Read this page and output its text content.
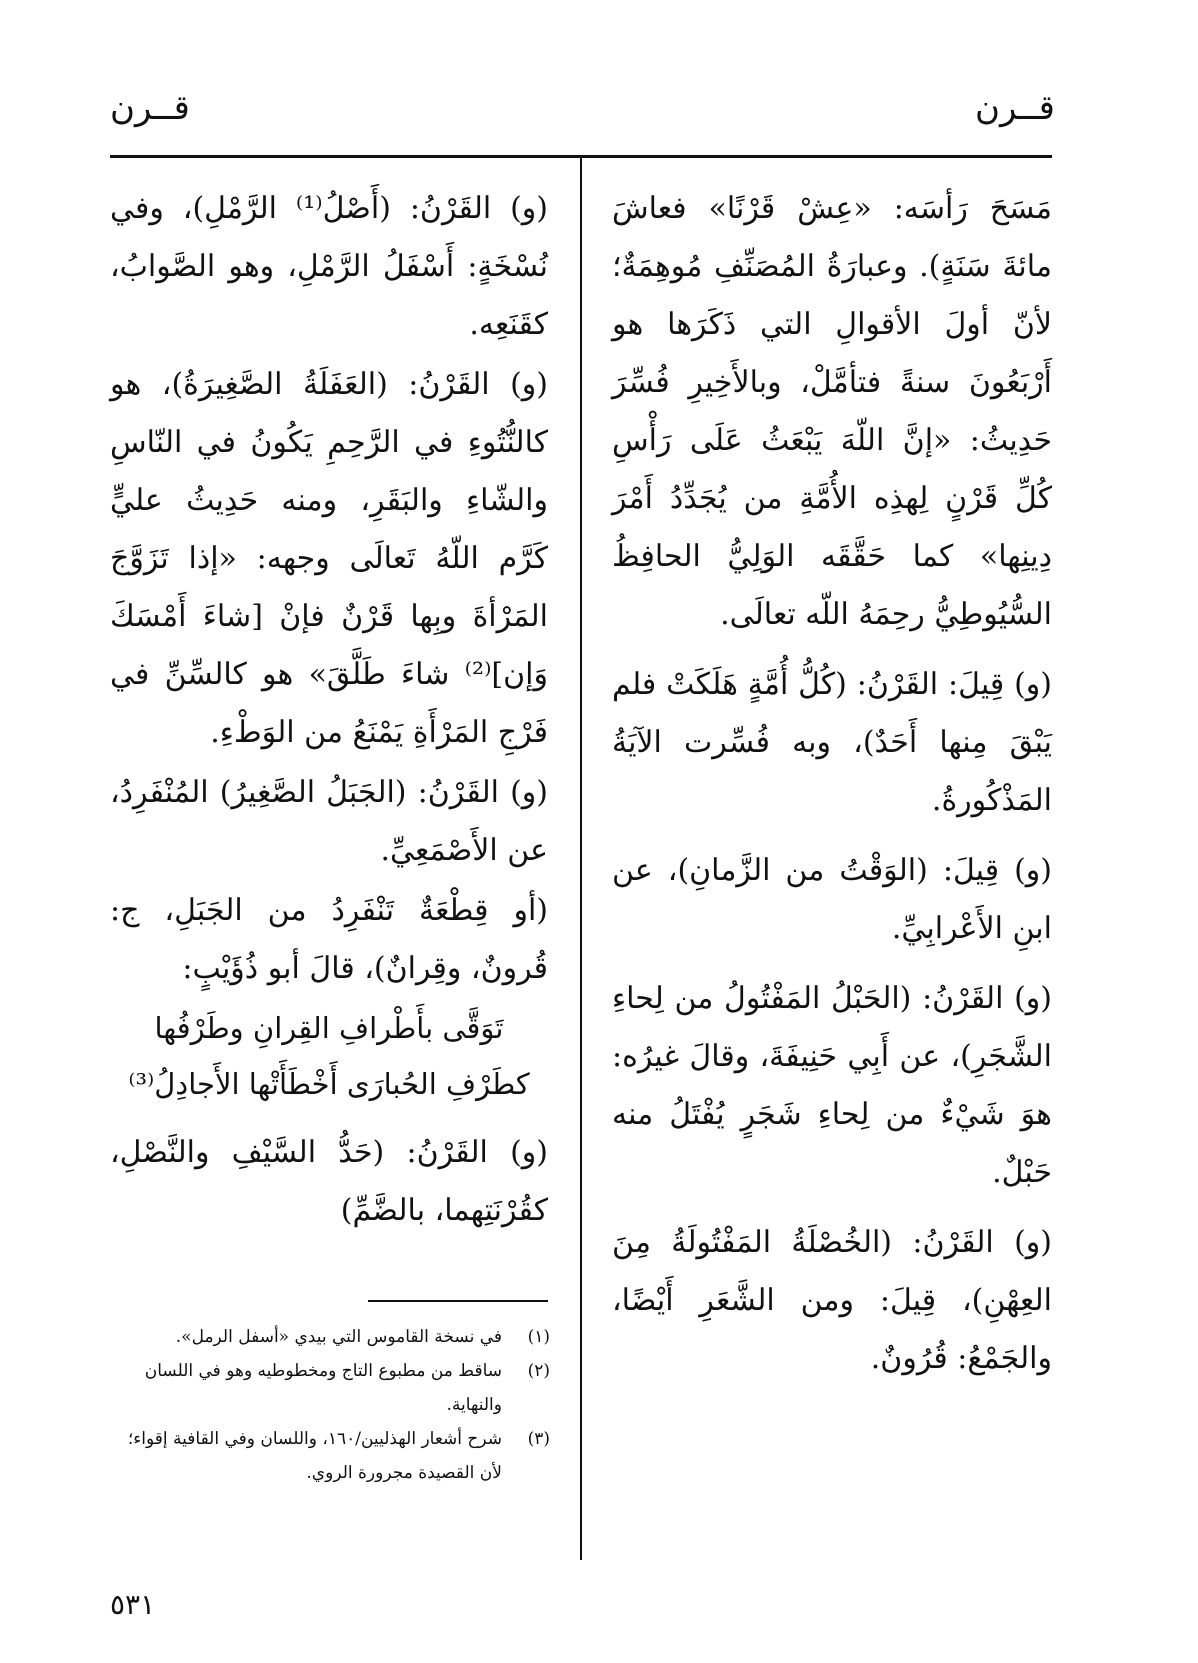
قــرن
قــرن

مَسَحَ رَأسَه: «عِشْ قَرْنًا» فعاشَ مائةَ سَنَةٍ). وعبارَةُ المُصَنِّفِ مُوهِمَةٌ؛ لأنّ أولَ الأقوالِ التي ذَكَرَها هو أَرْبَعُونَ سنةً فتأمَّلْ، وبالأَخِيرِ فُسِّرَ حَدِيثُ: «إنَّ اللّهَ يَبْعَثُ عَلَى رَأْسِ كُلِّ قَرْنٍ لِهذِه الأُمَّةِ من يُجَدِّدُ أَمْرَ دِينِها» كما حَقَّقَه الوَلِيُّ الحافِظُ السُّيُوطِيُّ رحِمَهُ اللّه تعالَى.

(و) قِيلَ: القَرْنُ: (كُلُّ أُمَّةٍ هَلَكَتْ فلم يَبْقَ مِنها أَحَدٌ)، وبه فُسِّرت الآيَةُ المَذْكُورةُ.

(و) قِيلَ: (الوَقْتُ من الزَّمانِ)، عن ابنِ الأَعْرابِيِّ.

(و) القَرْنُ: (الحَبْلُ المَفْتُولُ من لِحاءِ الشَّجَرِ)، عن أَبِي حَنِيفَةَ، وقالَ غيرُه: هوَ شَيْءٌ من لِحاءِ شَجَرٍ يُفْتَلُ منه حَبْلٌ.

(و) القَرْنُ: (الخُصْلَةُ المَفْتُولَةُ مِنَ العِهْنِ)، قِيلَ: ومن الشَّعَرِ أَيْضًا، والجَمْعُ: قُرُونٌ.

(و) القَرْنُ: (أَصْلُ⁽¹⁾ الرَّمْلِ)، وفي نُسْخَةٍ: أَسْفَلُ الرَّمْلِ، وهو الصَّوابُ، كقَنَعِه.

(و) القَرْنُ: (العَفَلَةُ الصَّغِيرَةُ)، هو كالنُّتُوءِ في الرَّحِمِ يَكُونُ في النّاسِ والشّاءِ والبَقَرِ، ومنه حَدِيثُ عليٍّ كَرَّم اللّهُ تَعالَى وجهه: «إذا تَزَوَّجَ المَرْأةَ وبِها قَرْنٌ فإنْ [شاءَ أَمْسَكَ وَإن]⁽²⁾ شاءَ طَلَّقَ» هو كالسِّنِّ في فَرْجِ المَرْأَةِ يَمْنَعُ من الوَطْءِ.

(و) القَرْنُ: (الجَبَلُ الصَّغِيرُ) المُنْفَرِدُ، عن الأَصْمَعِيِّ.

(أو قِطْعَةٌ تَنْفَرِدُ من الجَبَلِ، ج: قُرونٌ، وقِرانٌ)، قالَ أبو ذُؤَيْبٍ:

تَوَقَّى بأَطْرافِ القِرانِ وطَرْفُها

كطَرْفِ الحُبارَى أَخْطَأَتْها الأَجادِلُ⁽³⁾

(و) القَرْنُ: (حَدُّ السَّيْفِ والنَّصْلِ، كقُرْنَتِهما، بالضَّمِّ)

(١)
في نسخة القاموس التي بيدي «أسفل الرمل».
(٢)
ساقط من مطبوع التاج ومخطوطيه وهو في اللسان والنهاية.
(٣)
شرح أشعار الهذليين/١٦٠، واللسان وفي القافية إقواء؛ لأن القصيدة مجرورة الروي.
٥٣١
